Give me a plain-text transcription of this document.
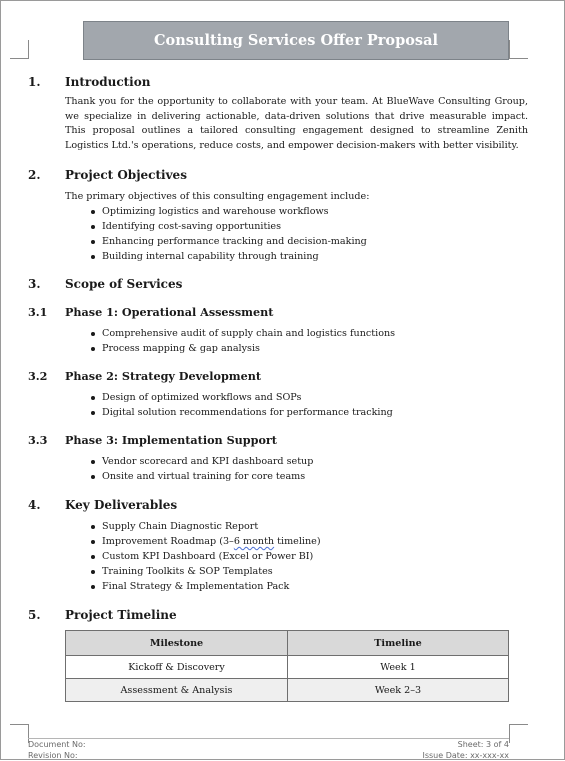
Consulting Services Offer Proposal
1.	Introduction

Thank you for the opportunity to collaborate with your team. At BlueWave Consulting Group, we specialize in delivering actionable, data-driven solutions that drive measurable impact. This proposal outlines a tailored consulting engagement designed to streamline Zenith Logistics Ltd.'s operations, reduce costs, and empower decision-makers with better visibility.

2.	Project Objectives

The primary objectives of this consulting engagement include:

Optimizing logistics and warehouse workflows
Identifying cost-saving opportunities
Enhancing performance tracking and decision-making
Building internal capability through training
3.	Scope of Services
3.1	Phase 1: Operational Assessment
Comprehensive audit of supply chain and logistics functions
Process mapping & gap analysis
3.2	Phase 2: Strategy Development
Design of optimized workflows and SOPs
Digital solution recommendations for performance tracking
3.3	Phase 3: Implementation Support
Vendor scorecard and KPI dashboard setup
Onsite and virtual training for core teams
4.	Key Deliverables
Supply Chain Diagnostic Report
Improvement Roadmap (3–6 month timeline)
Custom KPI Dashboard (Excel or Power BI)
Training Toolkits & SOP Templates
Final Strategy & Implementation Pack
5.	Project Timeline
Milestone	Timeline
Kickoff & Discovery	Week 1
Assessment & Analysis	Week 2–3
Document No:	Sheet: 3 of 4
Revision No:	Issue Date: xx-xxx-xx
